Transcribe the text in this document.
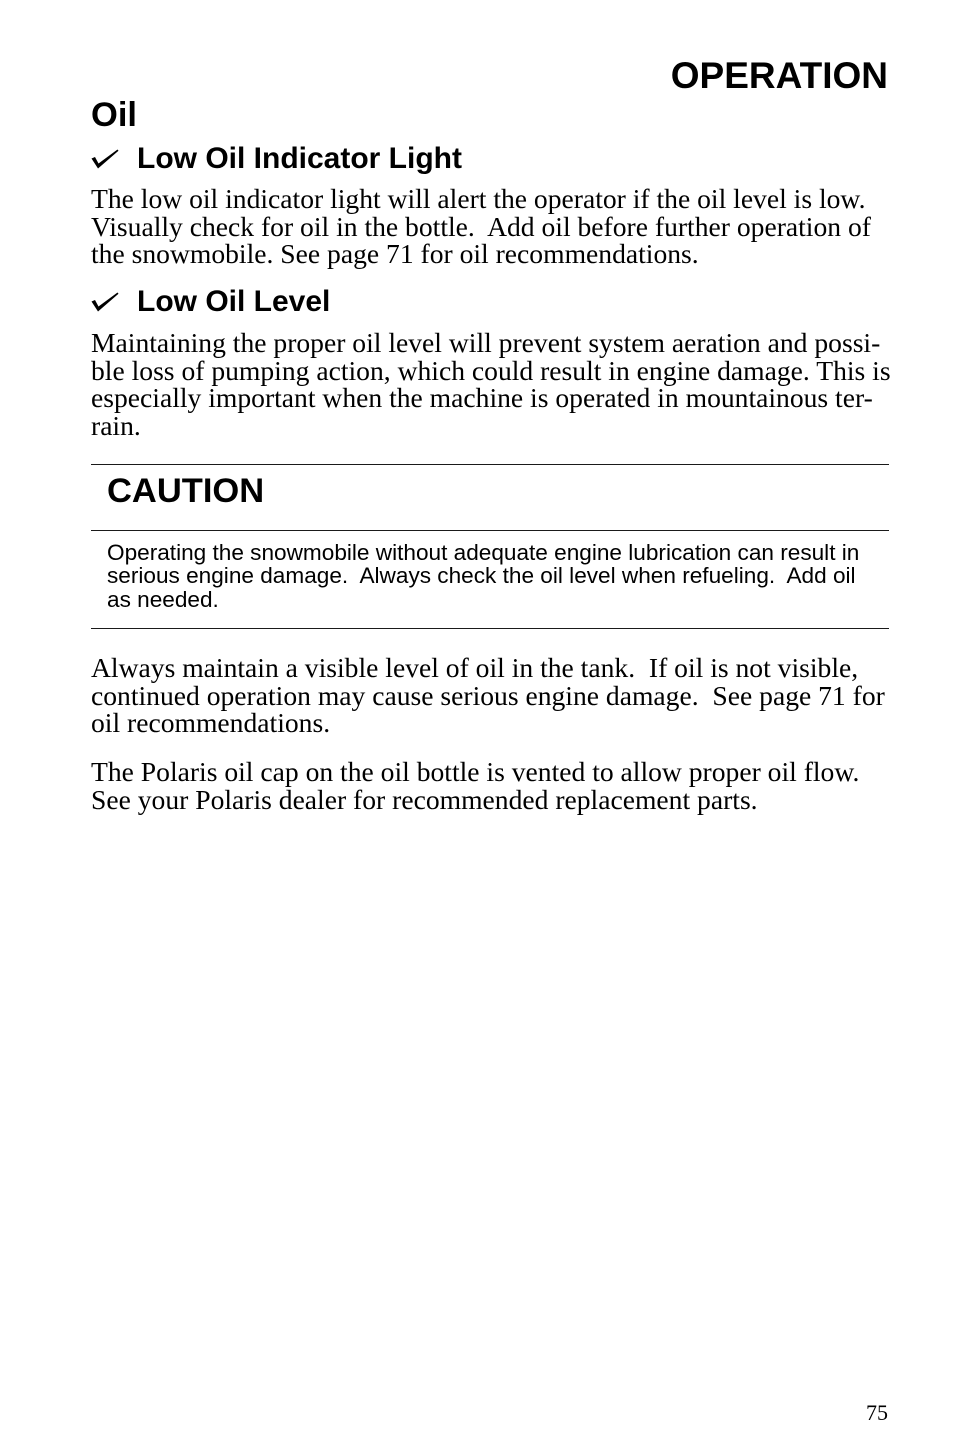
OPERATION
Oil
Low Oil Indicator Light
The low oil indicator light will alert the operator if the oil level is low.
Visually check for oil in the bottle.  Add oil before further operation of
the snowmobile. See page 71 for oil recommendations.
Low Oil Level
Maintaining the proper oil level will prevent system aeration and possi-
ble loss of pumping action, which could result in engine damage. This is
especially important when the machine is operated in mountainous ter-
rain.
CAUTION
Operating the snowmobile without adequate engine lubrication can result in
serious engine damage.  Always check the oil level when refueling.  Add oil
as needed.
Always maintain a visible level of oil in the tank.  If oil is not visible,
continued operation may cause serious engine damage.  See page 71 for
oil recommendations.
The Polaris oil cap on the oil bottle is vented to allow proper oil flow.
See your Polaris dealer for recommended replacement parts.
75
